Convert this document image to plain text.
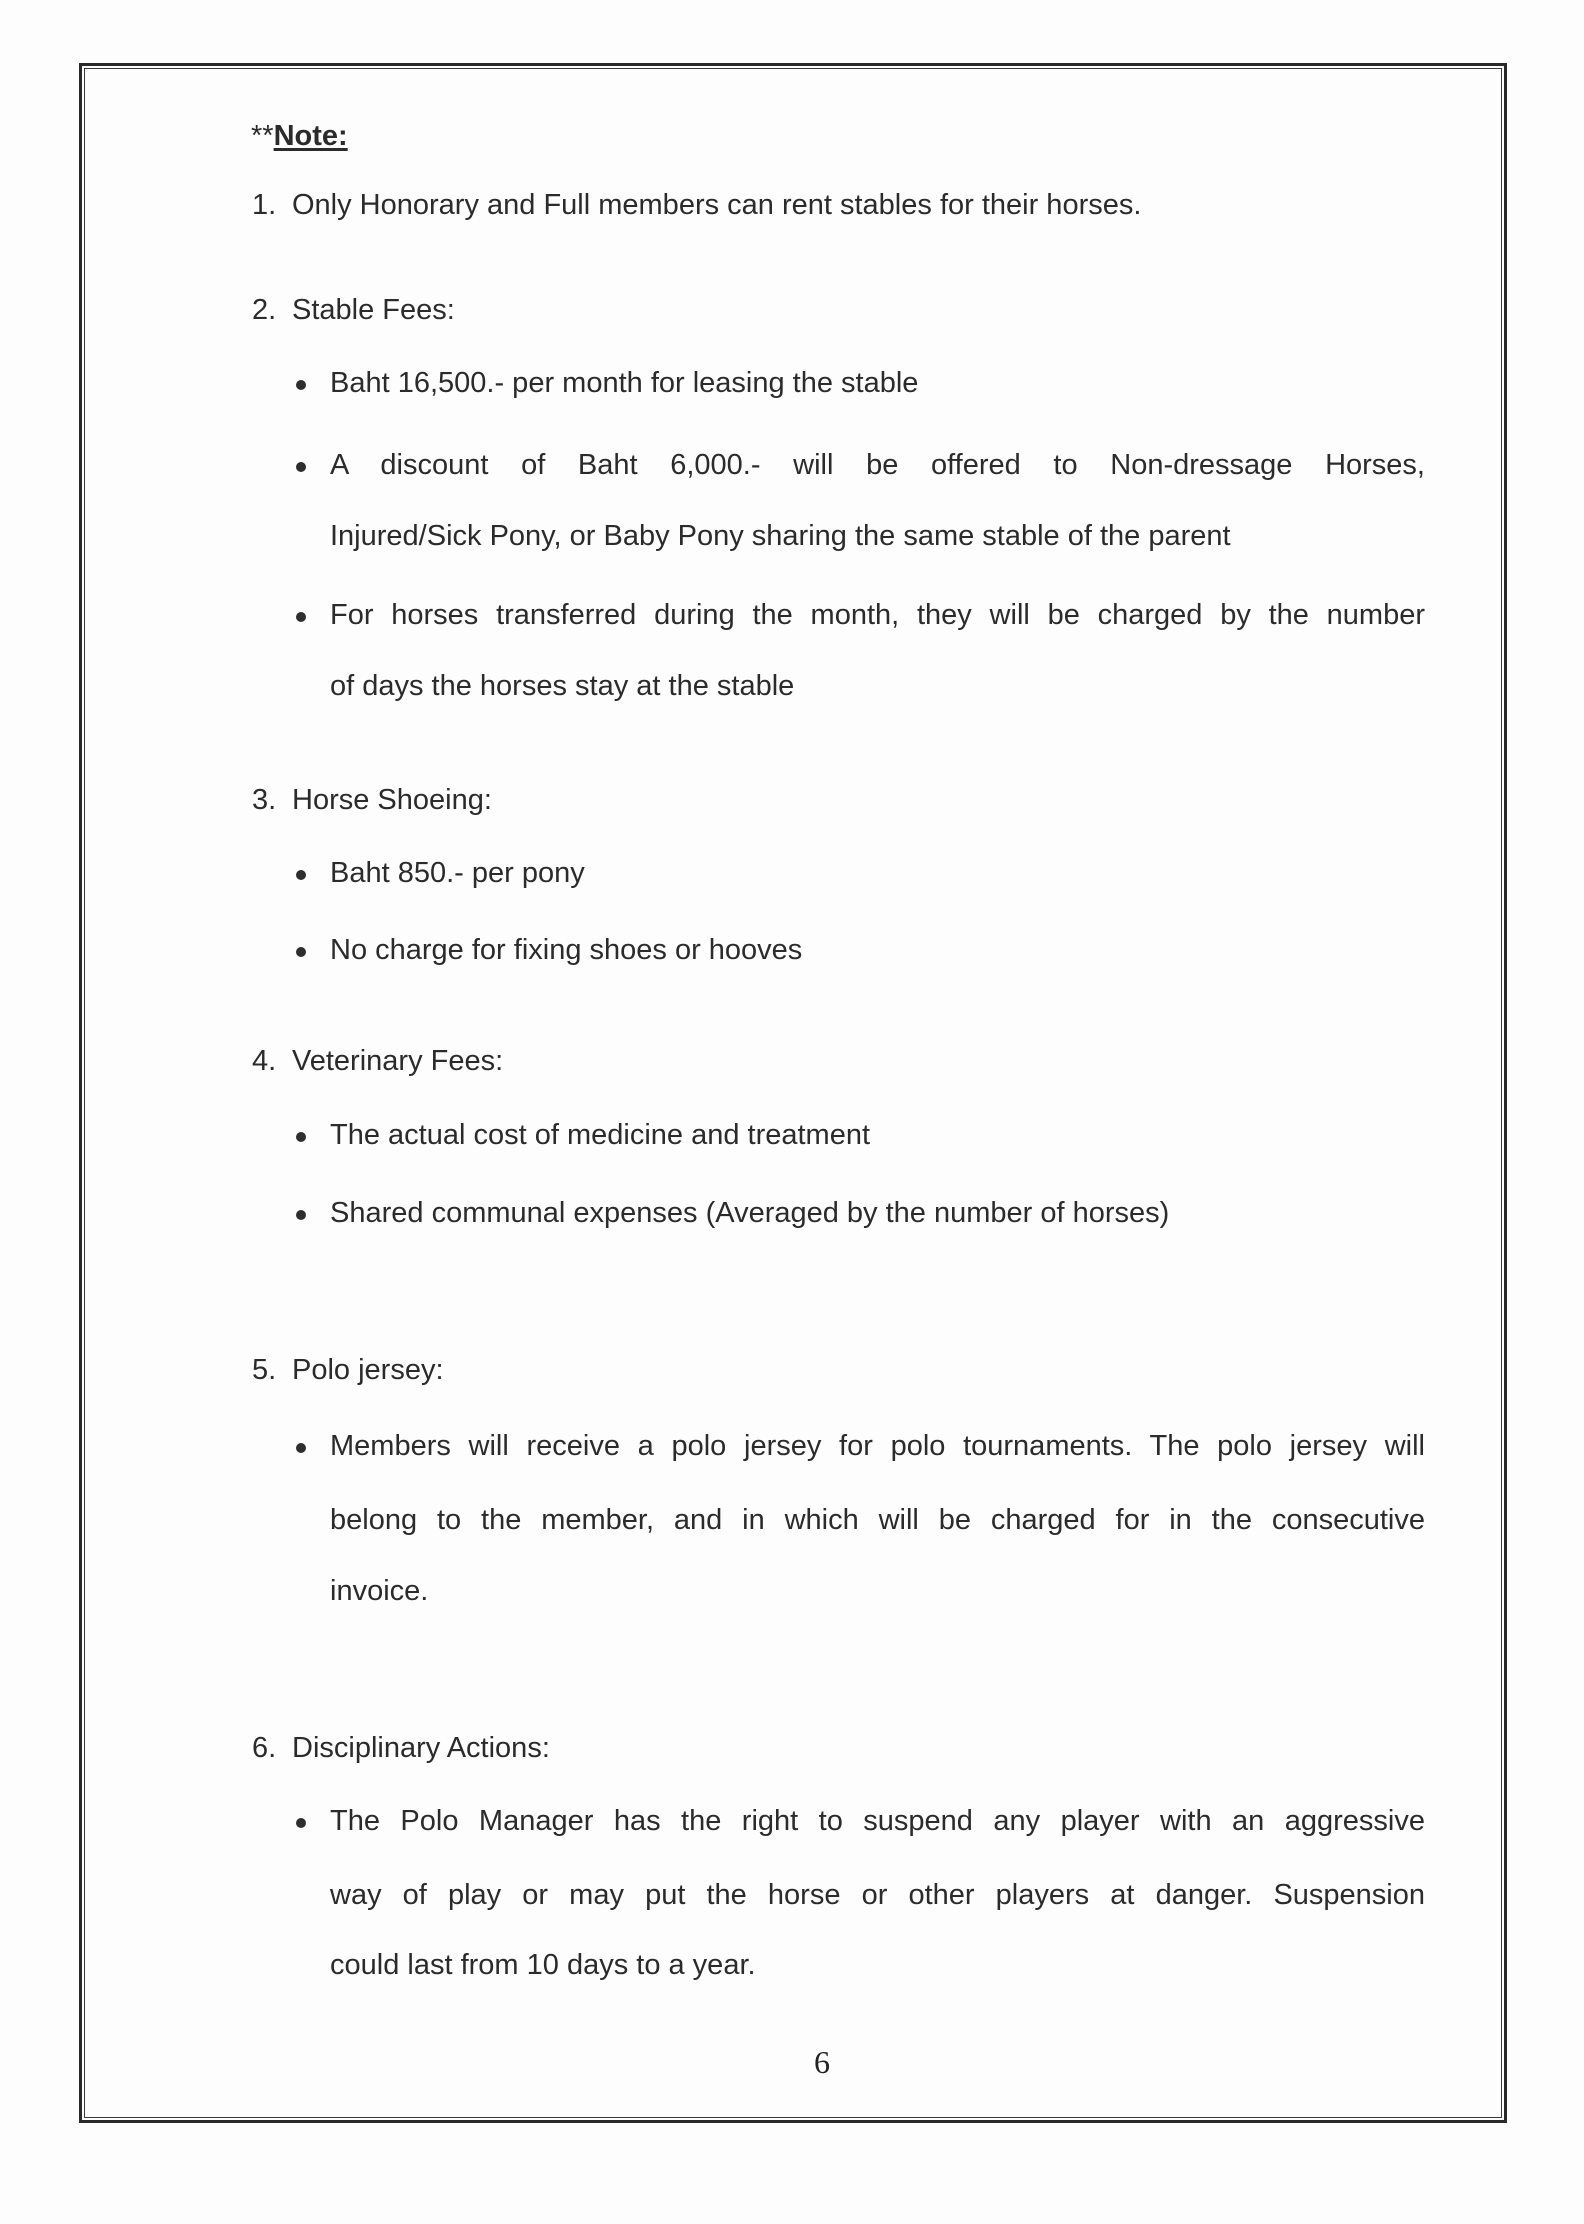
**Note:

1. Only Honorary and Full members can rent stables for their horses.

2. Stable Fees:

Baht 16,500.- per month for leasing the stable

A discount of Baht 6,000.- will be offered to Non-dressage Horses,

Injured/Sick Pony, or Baby Pony sharing the same stable of the parent

For horses transferred during the month, they will be charged by the number

of days the horses stay at the stable

3. Horse Shoeing:

Baht 850.- per pony

No charge for fixing shoes or hooves

4. Veterinary Fees:

The actual cost of medicine and treatment

Shared communal expenses (Averaged by the number of horses)

5. Polo jersey:

Members will receive a polo jersey for polo tournaments. The polo jersey will

belong to the member, and in which will be charged for in the consecutive

invoice.

6. Disciplinary Actions:

The Polo Manager has the right to suspend any player with an aggressive

way of play or may put the horse or other players at danger. Suspension

could last from 10 days to a year.

6
